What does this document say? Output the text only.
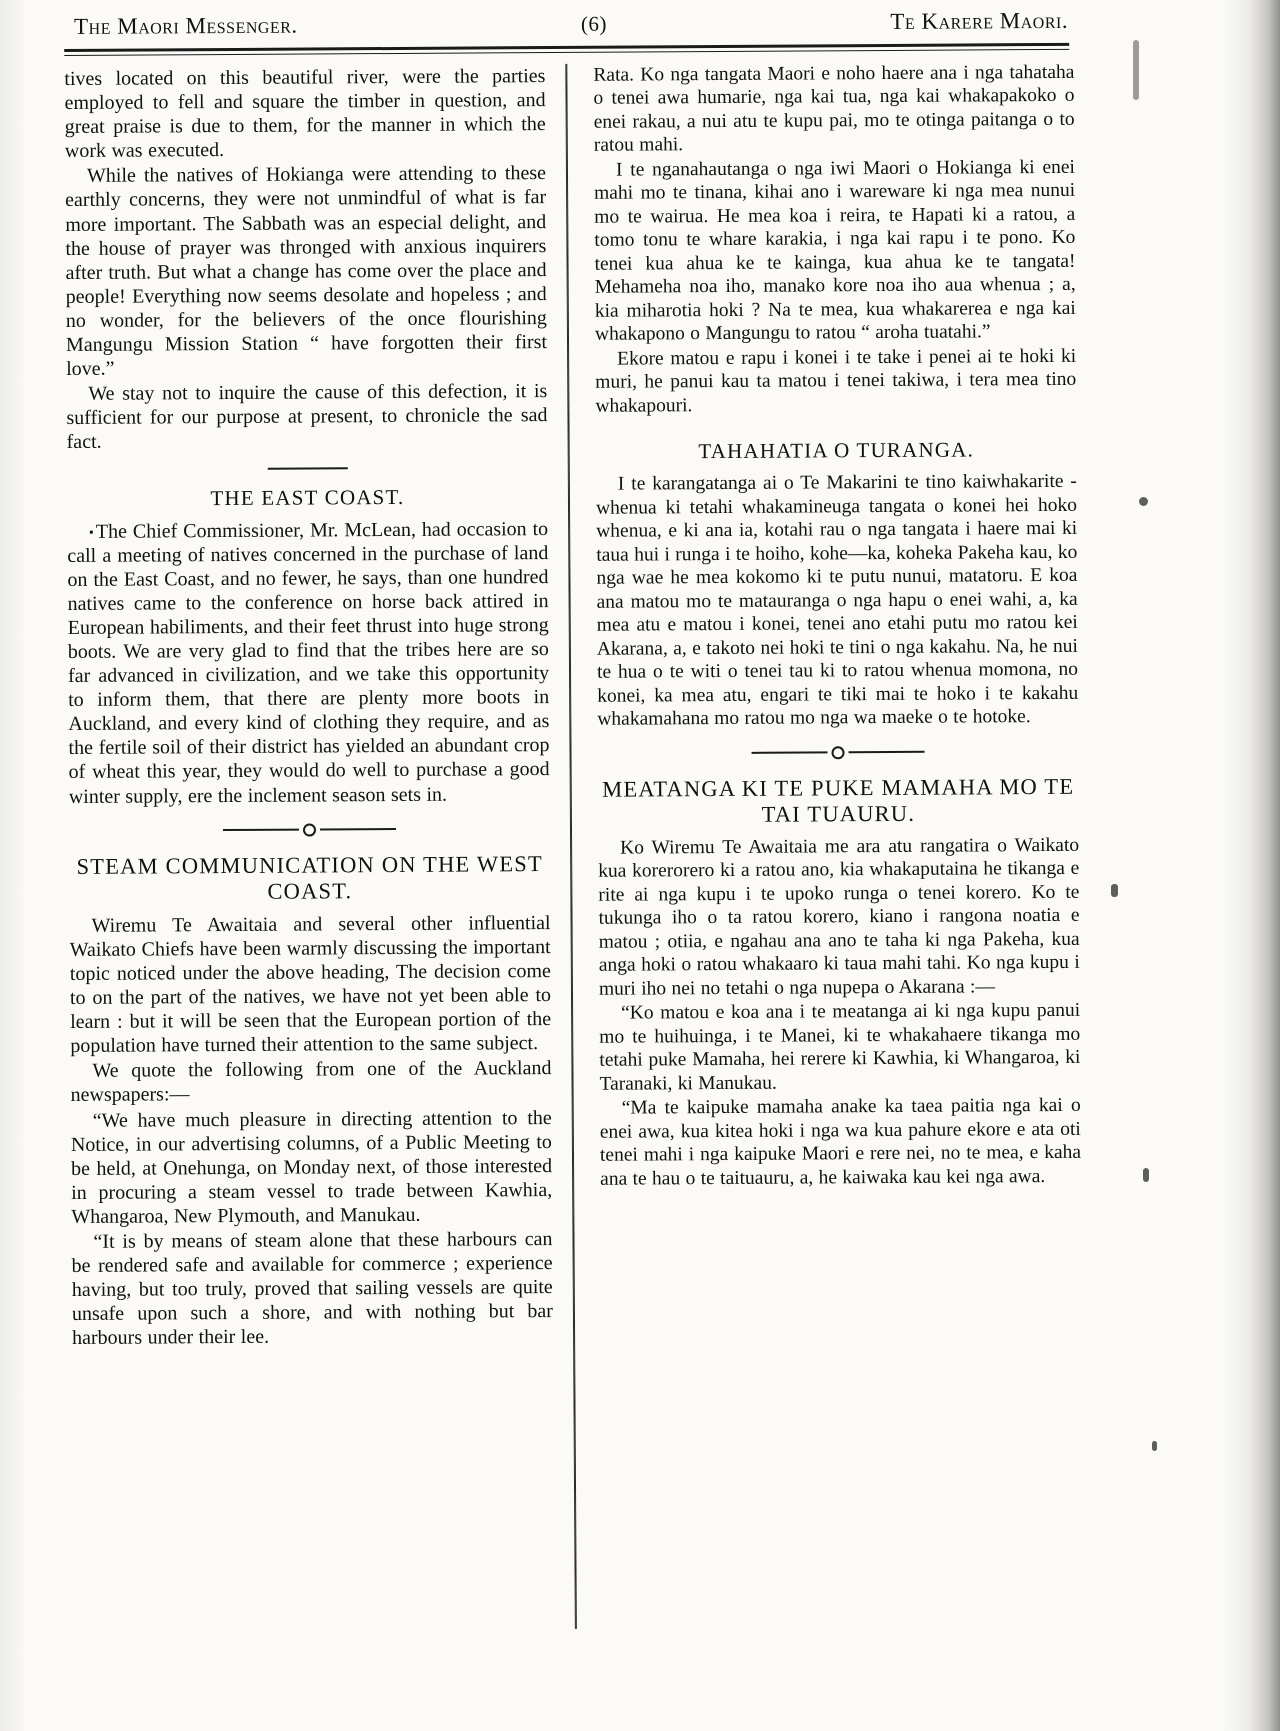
The Maori Messenger.	(6)	Te Karere Maori.

tives located on this beautiful river, were the parties employed to fell and square the timber in question, and great praise is due to them, for the manner in which the work was executed.

While the natives of Hokianga were attending to these earthly concerns, they were not unmindful of what is far more important. The Sabbath was an especial delight, and the house of prayer was thronged with anxious inquirers after truth. But what a change has come over the place and people! Everything now seems desolate and hopeless ; and no wonder, for the believers of the once flourishing Mangungu Mission Station “ have forgotten their first love.”

We stay not to inquire the cause of this defection, it is sufficient for our purpose at present, to chronicle the sad fact.

THE EAST COAST.

▪ The Chief Commissioner, Mr. McLean, had occasion to call a meeting of natives concerned in the purchase of land on the East Coast, and no fewer, he says, than one hundred natives came to the conference on horse back attired in European habiliments, and their feet thrust into huge strong boots. We are very glad to find that the tribes here are so far advanced in civilization, and we take this opportunity to inform them, that there are plenty more boots in Auckland, and every kind of clothing they require, and as the fertile soil of their district has yielded an abundant crop of wheat this year, they would do well to purchase a good winter supply, ere the inclement season sets in.

STEAM COMMUNICATION ON THE WEST COAST.

Wiremu Te Awaitaia and several other influential Waikato Chiefs have been warmly discussing the important topic noticed under the above heading, The decision come to on the part of the natives, we have not yet been able to learn : but it will be seen that the European portion of the population have turned their attention to the same subject.

We quote the following from one of the Auckland newspapers:—

“We have much pleasure in directing attention to the Notice, in our advertising columns, of a Public Meeting to be held, at Onehunga, on Monday next, of those interested in procuring a steam vessel to trade between Kawhia, Whangaroa, New Plymouth, and Manukau.

“It is by means of steam alone that these harbours can be rendered safe and available for commerce ; experience having, but too truly, proved that sailing vessels are quite unsafe upon such a shore, and with nothing but bar harbours under their lee.

Rata. Ko nga tangata Maori e noho haere ana i nga tahataha o tenei awa humarie, nga kai tua, nga kai whakapakoko o enei rakau, a nui atu te kupu pai, mo te otinga paitanga o to ratou mahi.

I te nganahautanga o nga iwi Maori o Hokianga ki enei mahi mo te tinana, kihai ano i wareware ki nga mea nunui mo te wairua. He mea koa i reira, te Hapati ki a ratou, a tomo tonu te whare karakia, i nga kai rapu i te pono. Ko tenei kua ahua ke te kainga, kua ahua ke te tangata! Mehameha noa iho, manako kore noa iho aua whenua ; a, kia miharotia hoki ? Na te mea, kua whakarerea e nga kai whakapono o Mangungu to ratou “ aroha tuatahi.”

Ekore matou e rapu i konei i te take i penei ai te hoki ki muri, he panui kau ta matou i tenei takiwa, i tera mea tino whakapouri.

TAHAHATIA O TURANGA.

I te karangatanga ai o Te Makarini te tino kaiwhakarite - whenua ki tetahi whakamineuga tangata o konei hei hoko whenua, e ki ana ia, kotahi rau o nga tangata i haere mai ki taua hui i runga i te hoiho, kohe—ka, koheka Pakeha kau, ko nga wae he mea kokomo ki te putu nunui, matatoru. E koa ana matou mo te matauranga o nga hapu o enei wahi, a, ka mea atu e matou i konei, tenei ano etahi putu mo ratou kei Akarana, a, e takoto nei hoki te tini o nga kakahu. Na, he nui te hua o te witi o tenei tau ki to ratou whenua momona, no konei, ka mea atu, engari te tiki mai te hoko i te kakahu whakamahana mo ratou mo nga wa maeke o te hotoke.

MEATANGA KI TE PUKE MAMAHA MO TE TAI TUAURU.

Ko Wiremu Te Awaitaia me ara atu rangatira o Waikato kua korerorero ki a ratou ano, kia whakaputaina he tikanga e rite ai nga kupu i te upoko runga o tenei korero. Ko te tukunga iho o ta ratou korero, kiano i rangona noatia e matou ; otiia, e ngahau ana ano te taha ki nga Pakeha, kua anga hoki o ratou whakaaro ki taua mahi tahi. Ko nga kupu i muri iho nei no tetahi o nga nupepa o Akarana :—

“Ko matou e koa ana i te meatanga ai ki nga kupu panui mo te huihuinga, i te Manei, ki te whakahaere tikanga mo tetahi puke Mamaha, hei rerere ki Kawhia, ki Whangaroa, ki Taranaki, ki Manukau.

“Ma te kaipuke mamaha anake ka taea paitia nga kai o enei awa, kua kitea hoki i nga wa kua pahure ekore e ata oti tenei mahi i nga kaipuke Maori e rere nei, no te mea, e kaha ana te hau o te taituauru, a, he kaiwaka kau kei nga awa.
